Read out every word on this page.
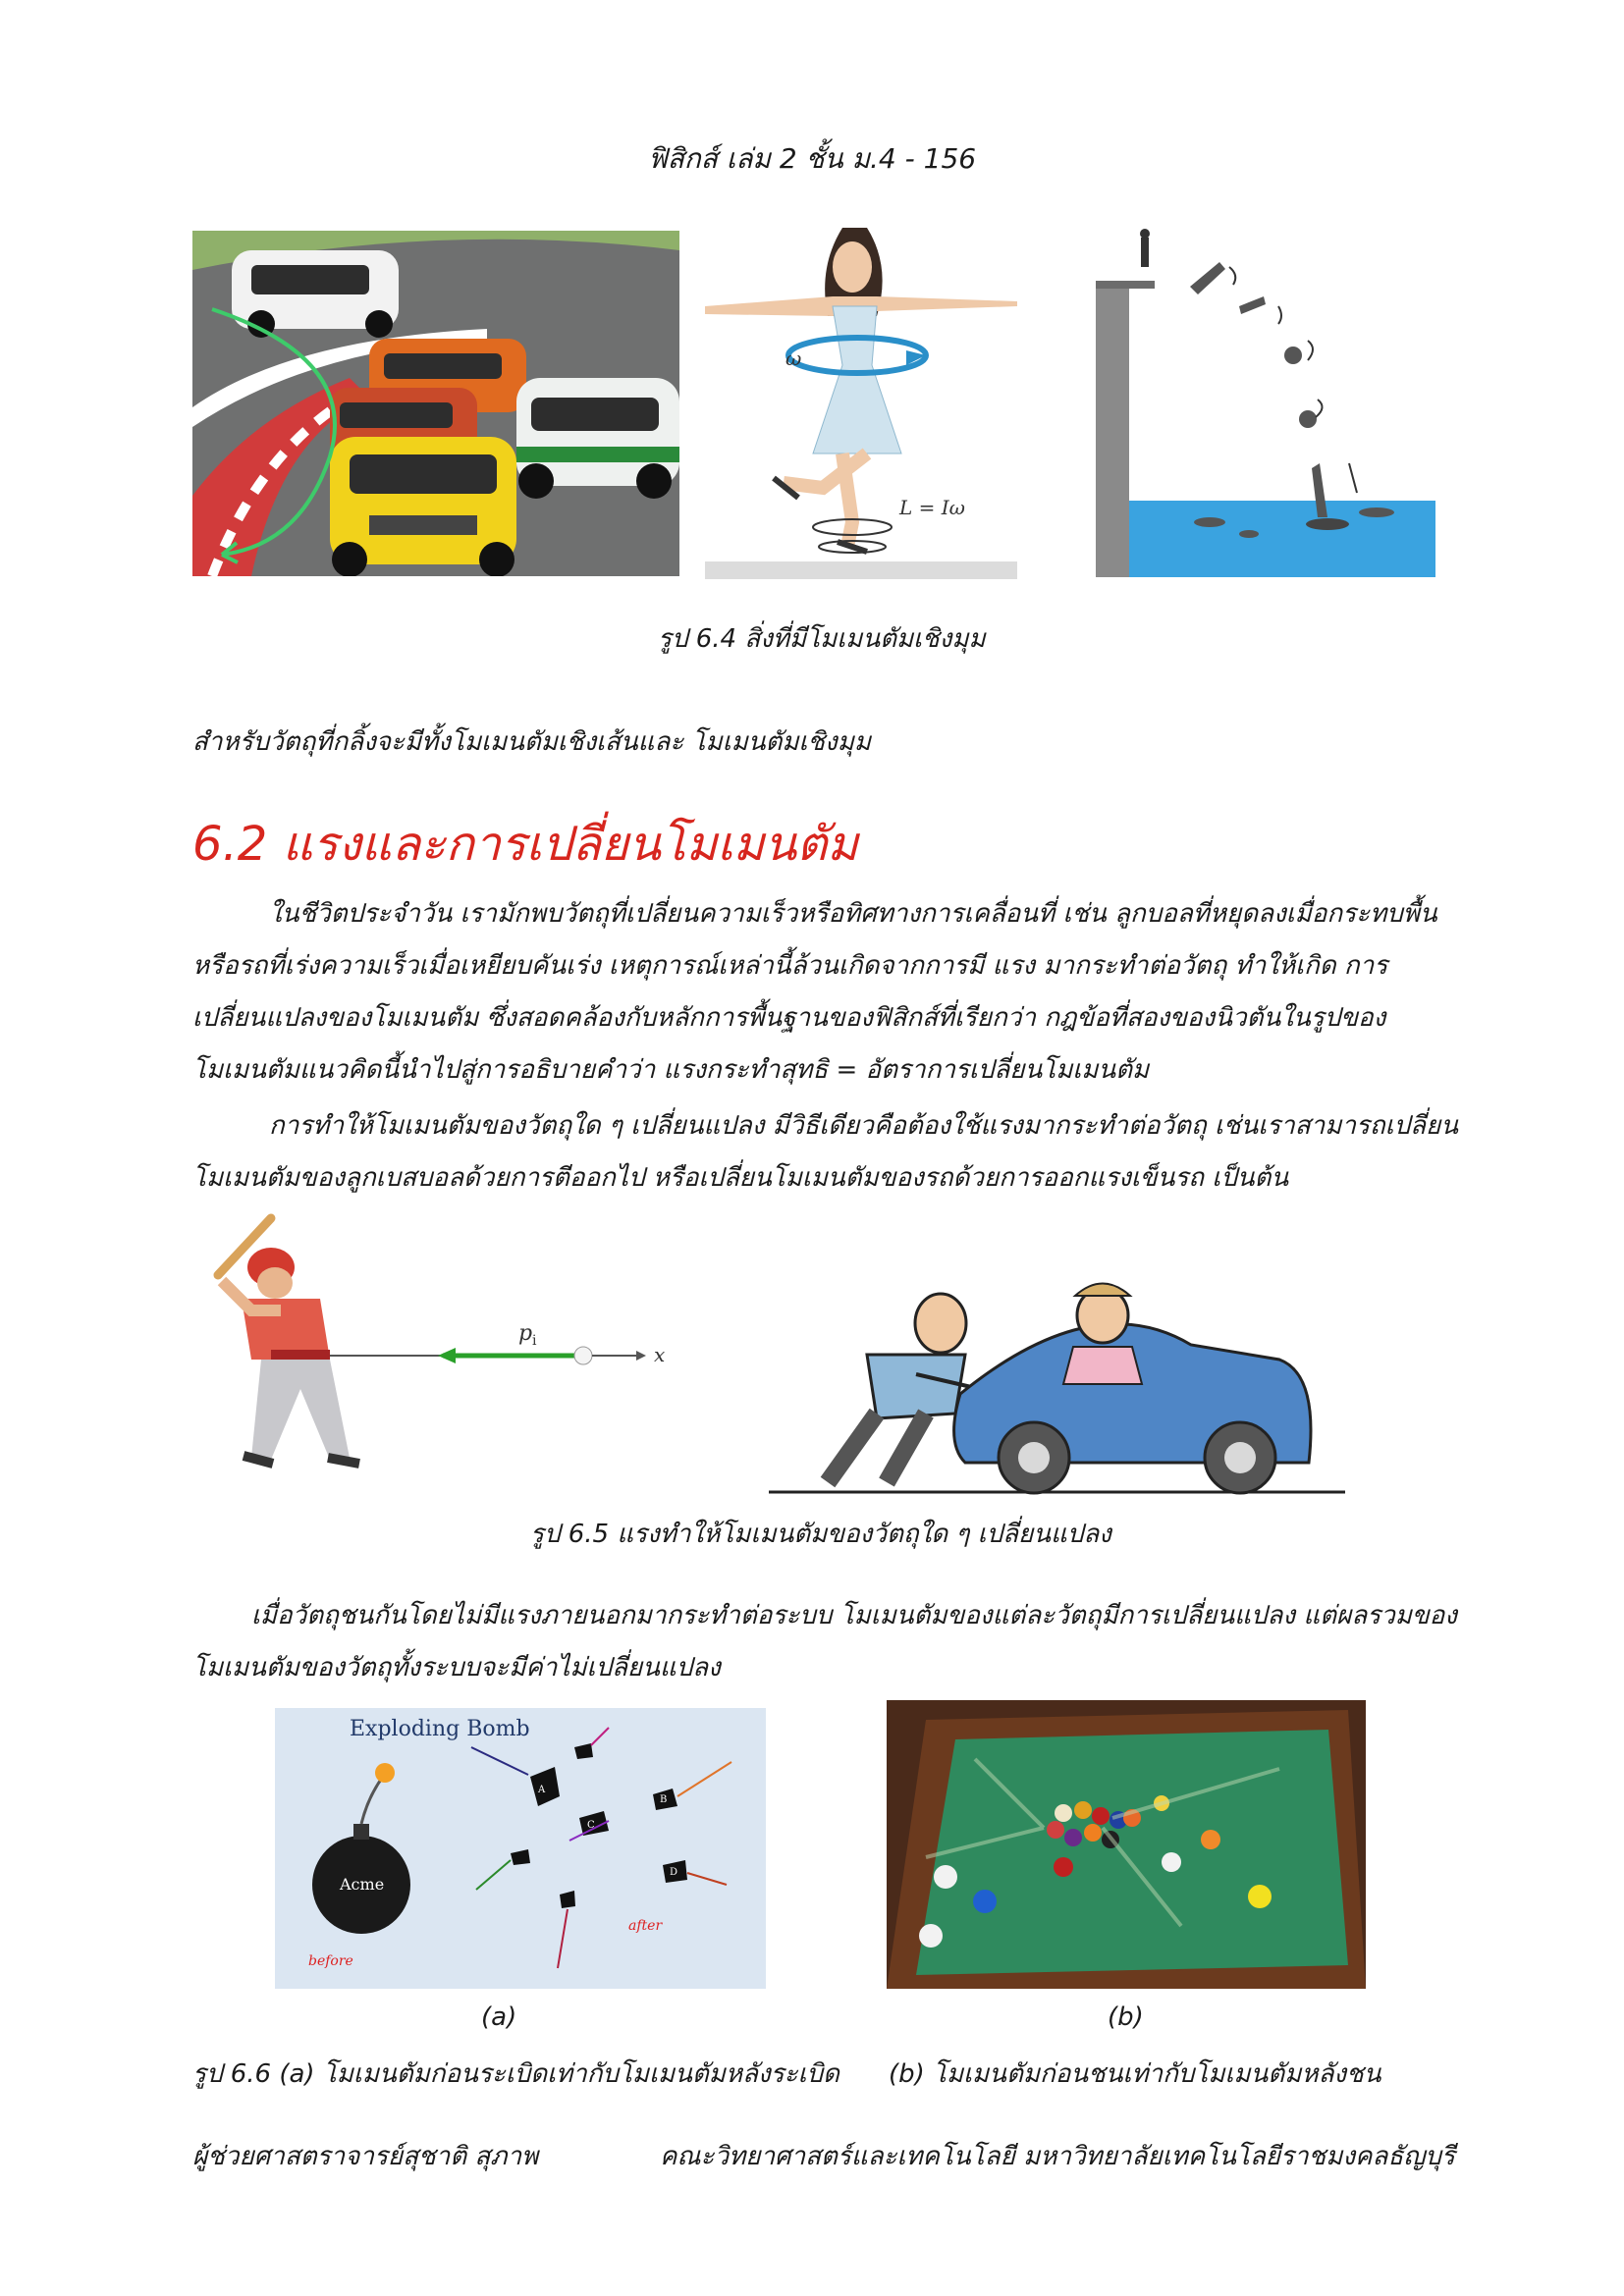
ฟิสิกส์ เล่ม 2 ชั้น ม.4 - 156
ω
L = Iω
รูป 6.4 สิ่งที่มีโมเมนตัมเชิงมุม
สำหรับวัตถุที่กลิ้งจะมีทั้งโมเมนตัมเชิงเส้นและ โมเมนตัมเชิงมุม
6.2 แรงและการเปลี่ยนโมเมนตัม
ในชีวิตประจำวัน เรามักพบวัตถุที่เปลี่ยนความเร็วหรือทิศทางการเคลื่อนที่ เช่น ลูกบอลที่หยุดลงเมื่อกระทบพื้น
หรือรถที่เร่งความเร็วเมื่อเหยียบคันเร่ง เหตุการณ์เหล่านี้ล้วนเกิดจากการมี แรง มากระทำต่อวัตถุ ทำให้เกิด การ
เปลี่ยนแปลงของโมเมนตัม ซึ่งสอดคล้องกับหลักการพื้นฐานของฟิสิกส์ที่เรียกว่า กฎข้อที่สองของนิวตันในรูปของ
โมเมนตัมแนวคิดนี้นำไปสู่การอธิบายคำว่า แรงกระทำสุทธิ = อัตราการเปลี่ยนโมเมนตัม
การทำให้โมเมนตัมของวัตถุใด ๆ เปลี่ยนแปลง มีวิธีเดียวคือต้องใช้แรงมากระทำต่อวัตถุ เช่นเราสามารถเปลี่ยน
โมเมนตัมของลูกเบสบอลด้วยการตีออกไป หรือเปลี่ยนโมเมนตัมของรถด้วยการออกแรงเข็นรถ เป็นต้น
p i
x
รูป 6.5 แรงทำให้โมเมนตัมของวัตถุใด ๆ เปลี่ยนแปลง
เมื่อวัตถุชนกันโดยไม่มีแรงภายนอกมากระทำต่อระบบ โมเมนตัมของแต่ละวัตถุมีการเปลี่ยนแปลง แต่ผลรวมของ
โมเมนตัมของวัตถุทั้งระบบจะมีค่าไม่เปลี่ยนแปลง
Exploding Bomb
Acme
before
after
A
C
B
D
(a)	(b)
รูป 6.6 (a) โมเมนตัมก่อนระเบิดเท่ากับโมเมนตัมหลังระเบิด (b) โมเมนตัมก่อนชนเท่ากับโมเมนตัมหลังชน
ผู้ช่วยศาสตราจารย์สุชาติ สุภาพ	คณะวิทยาศาสตร์และเทคโนโลยี มหาวิทยาลัยเทคโนโลยีราชมงคลธัญบุรี
